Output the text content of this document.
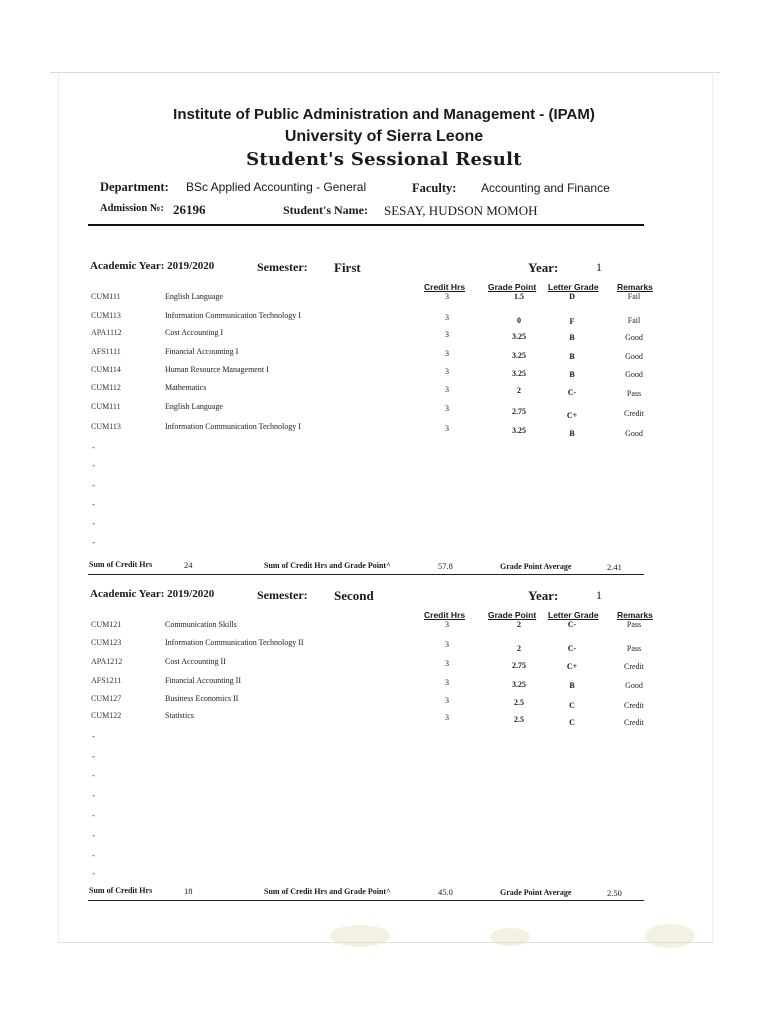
Institute of Public Administration and Management - (IPAM)
University of Sierra Leone
Student's Sessional Result
Department: BSc Applied Accounting - General	Faculty: Accounting and Finance
Admission №: 26196	Student's Name: SESAY, HUDSON MOMOH
Academic Year: 2019/2020	Semester: First	Year:	1
Credit Hrs	Grade Point Letter Grade Remarks
CUM111	English Language	3	1.5	D	Fail
CUM113	Information Communication Technology I	3	0	F	Fail
APA1112	Cost Accounting I	3	3.25	B	Good
AFS1111	Financial Accounting I	3	3.25	B	Good
CUM114	Human Resource Management I	3	3.25	B	Good
CUM112	Mathematics	3	2	C-	Pass
CUM111	English Language	3	2.75	C+	Credit
CUM113	Information Communication Technology I	3	3.25	B	Good
-
-
-
-
-
-
Sum of Credit Hrs	24	Sum of Credit Hrs and Grade Point^	57.8	Grade Point Average	2.41
Academic Year: 2019/2020	Semester: Second	Year:	1
Credit Hrs	Grade Point Letter Grade Remarks
CUM121	Communication Skills	3	2	C-	Pass
CUM123	Information Communication Technology II	3	2	C-	Pass
APA1212	Cost Accounting II	3	2.75	C+	Credit
AFS1211	Financial Accounting II	3	3.25	B	Good
CUM127	Business Economics II	3	2.5	C	Credit
CUM122	Statistics	3	2.5	C	Credit
-
-
-
-
-
-
-
-
Sum of Credit Hrs	18	Sum of Credit Hrs and Grade Point^	45.0	Grade Point Average	2.50
